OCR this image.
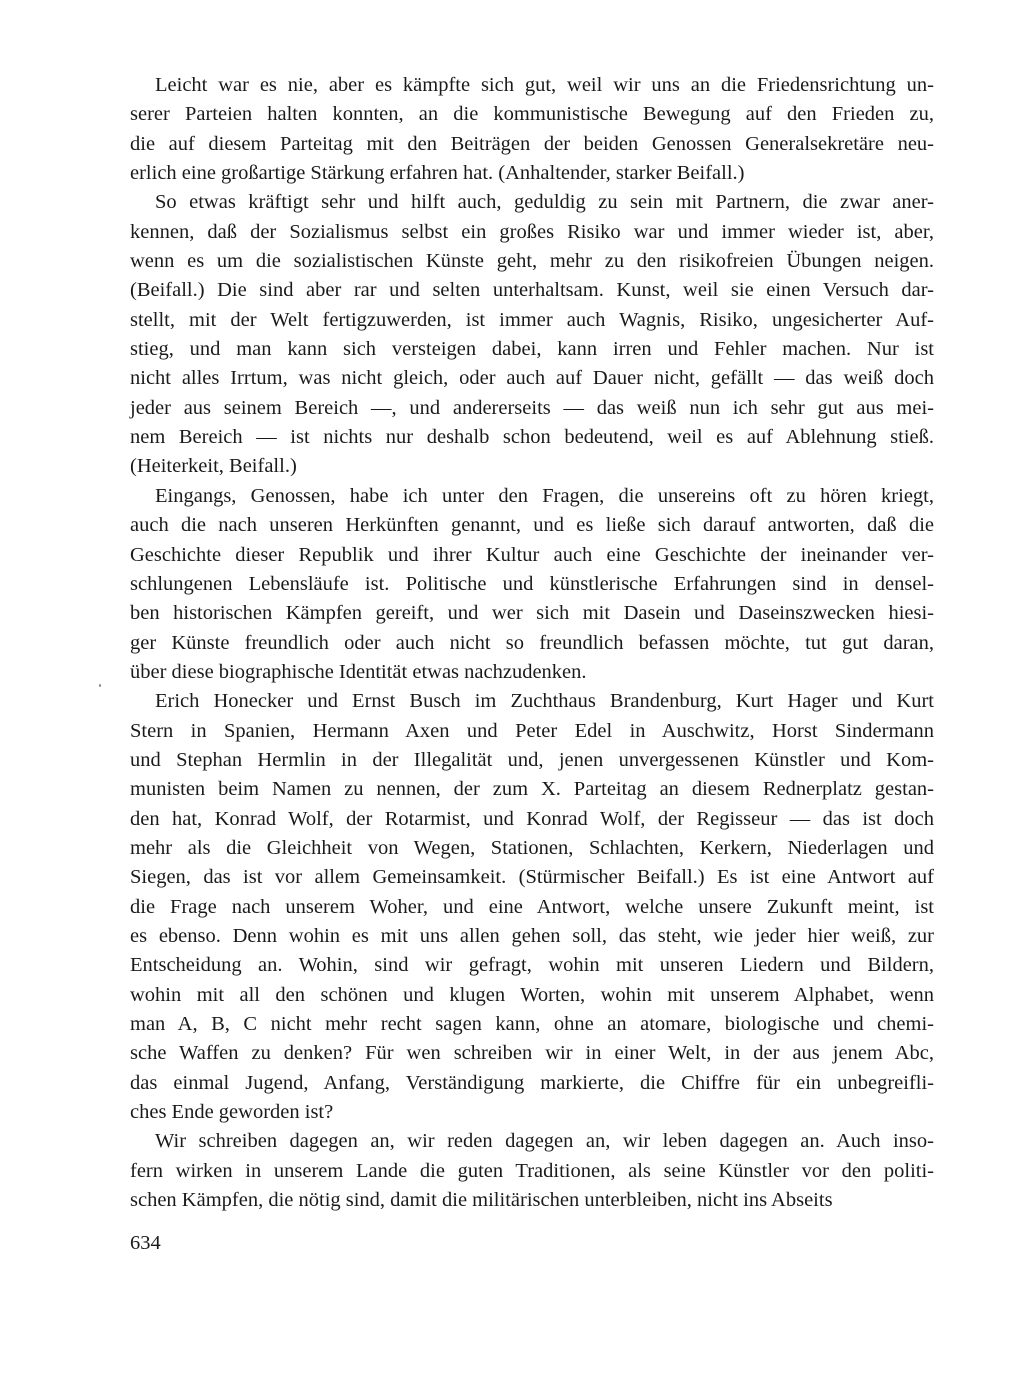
Leicht war es nie, aber es kämpfte sich gut, weil wir uns an die Friedensrichtung un-
serer Parteien halten konnten, an die kommunistische Bewegung auf den Frieden zu,
die auf diesem Parteitag mit den Beiträgen der beiden Genossen Generalsekretäre neu-
erlich eine großartige Stärkung erfahren hat. (Anhaltender, starker Beifall.)
So etwas kräftigt sehr und hilft auch, geduldig zu sein mit Partnern, die zwar aner-
kennen, daß der Sozialismus selbst ein großes Risiko war und immer wieder ist, aber,
wenn es um die sozialistischen Künste geht, mehr zu den risikofreien Übungen neigen.
(Beifall.) Die sind aber rar und selten unterhaltsam. Kunst, weil sie einen Versuch dar-
stellt, mit der Welt fertigzuwerden, ist immer auch Wagnis, Risiko, ungesicherter Auf-
stieg, und man kann sich versteigen dabei, kann irren und Fehler machen. Nur ist
nicht alles Irrtum, was nicht gleich, oder auch auf Dauer nicht, gefällt — das weiß doch
jeder aus seinem Bereich —, und andererseits — das weiß nun ich sehr gut aus mei-
nem Bereich — ist nichts nur deshalb schon bedeutend, weil es auf Ablehnung stieß.
(Heiterkeit, Beifall.)
Eingangs, Genossen, habe ich unter den Fragen, die unsereins oft zu hören kriegt,
auch die nach unseren Herkünften genannt, und es ließe sich darauf antworten, daß die
Geschichte dieser Republik und ihrer Kultur auch eine Geschichte der ineinander ver-
schlungenen Lebensläufe ist. Politische und künstlerische Erfahrungen sind in densel-
ben historischen Kämpfen gereift, und wer sich mit Dasein und Daseinszwecken hiesi-
ger Künste freundlich oder auch nicht so freundlich befassen möchte, tut gut daran,
über diese biographische Identität etwas nachzudenken.
Erich Honecker und Ernst Busch im Zuchthaus Brandenburg, Kurt Hager und Kurt
Stern in Spanien, Hermann Axen und Peter Edel in Auschwitz, Horst Sindermann
und Stephan Hermlin in der Illegalität und, jenen unvergessenen Künstler und Kom-
munisten beim Namen zu nennen, der zum X. Parteitag an diesem Rednerplatz gestan-
den hat, Konrad Wolf, der Rotarmist, und Konrad Wolf, der Regisseur — das ist doch
mehr als die Gleichheit von Wegen, Stationen, Schlachten, Kerkern, Niederlagen und
Siegen, das ist vor allem Gemeinsamkeit. (Stürmischer Beifall.) Es ist eine Antwort auf
die Frage nach unserem Woher, und eine Antwort, welche unsere Zukunft meint, ist
es ebenso. Denn wohin es mit uns allen gehen soll, das steht, wie jeder hier weiß, zur
Entscheidung an. Wohin, sind wir gefragt, wohin mit unseren Liedern und Bildern,
wohin mit all den schönen und klugen Worten, wohin mit unserem Alphabet, wenn
man A, B, C nicht mehr recht sagen kann, ohne an atomare, biologische und chemi-
sche Waffen zu denken? Für wen schreiben wir in einer Welt, in der aus jenem Abc,
das einmal Jugend, Anfang, Verständigung markierte, die Chiffre für ein unbegreifli-
ches Ende geworden ist?
Wir schreiben dagegen an, wir reden dagegen an, wir leben dagegen an. Auch inso-
fern wirken in unserem Lande die guten Traditionen, als seine Künstler vor den politi-
schen Kämpfen, die nötig sind, damit die militärischen unterbleiben, nicht ins Abseits
634
